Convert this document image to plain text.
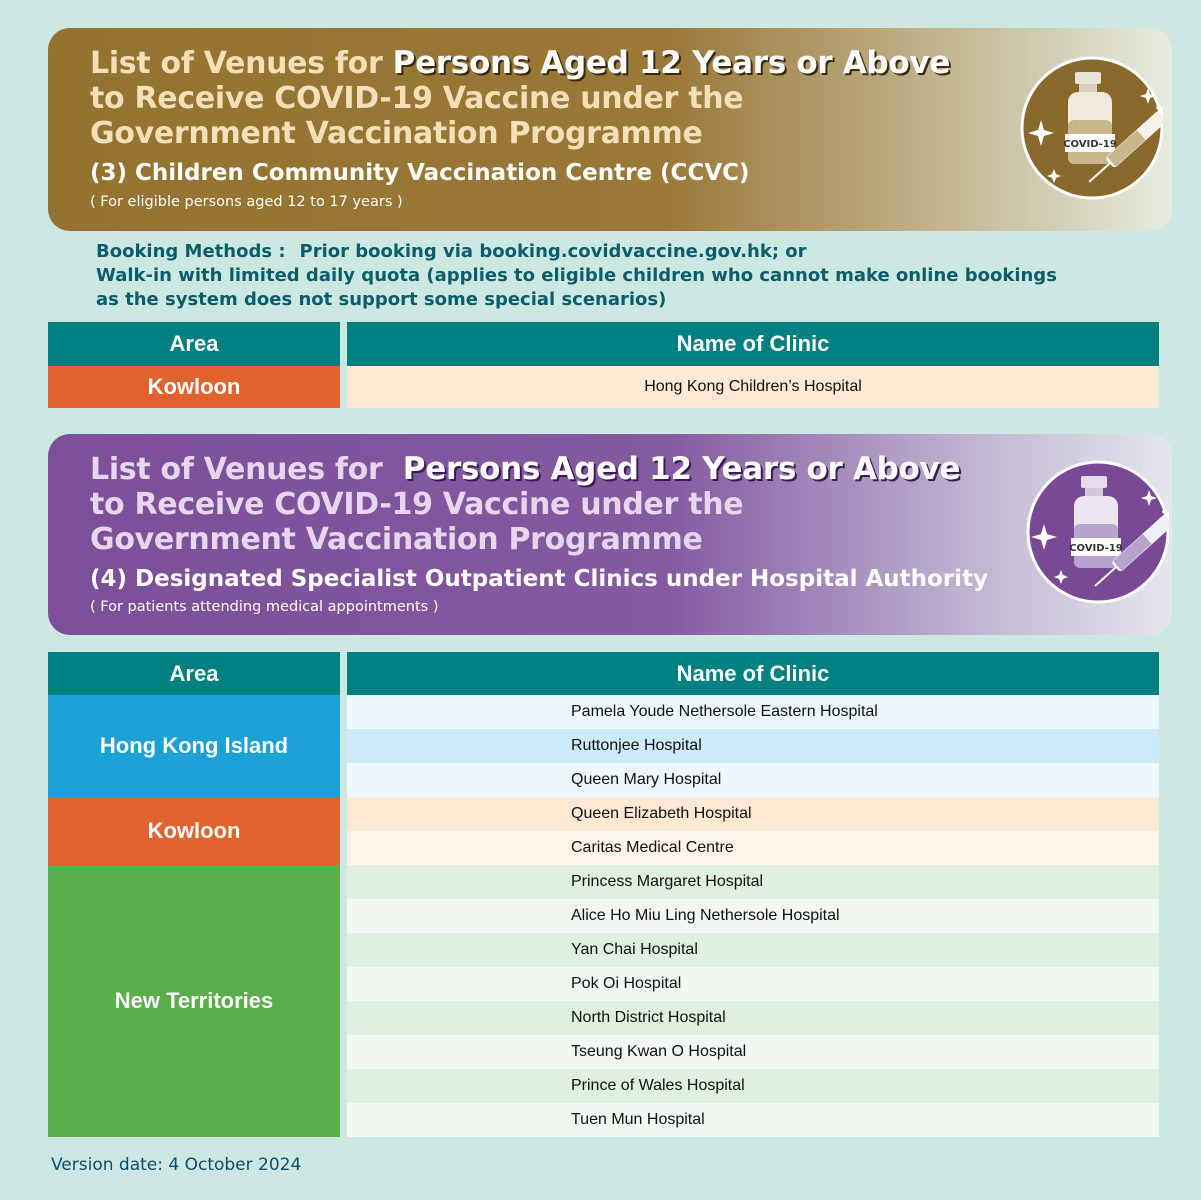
List of Venues for Persons Aged 12 Years or Above
to Receive COVID-19 Vaccine under the
Government Vaccination Programme
(3) Children Community Vaccination Centre (CCVC)
( For eligible persons aged 12 to 17 years )
COVID-19
Booking Methods : Prior booking via booking.covidvaccine.gov.hk; or
Walk-in with limited daily quota (applies to eligible children who cannot make online bookings
as the system does not support some special scenarios)
Area		Name of Clinic
Kowloon		Hong Kong Children’s Hospital
List of Venues for Persons Aged 12 Years or Above
to Receive COVID-19 Vaccine under the
Government Vaccination Programme
(4) Designated Specialist Outpatient Clinics under Hospital Authority
( For patients attending medical appointments )
COVID-19
Area		Name of Clinic
Hong Kong Island		Pamela Youde Nethersole Eastern Hospital
		Ruttonjee Hospital
		Queen Mary Hospital
Kowloon		Queen Elizabeth Hospital
		Caritas Medical Centre
New Territories		Princess Margaret Hospital
		Alice Ho Miu Ling Nethersole Hospital
		Yan Chai Hospital
		Pok Oi Hospital
		North District Hospital
		Tseung Kwan O Hospital
		Prince of Wales Hospital
		Tuen Mun Hospital
Version date: 4 October 2024
